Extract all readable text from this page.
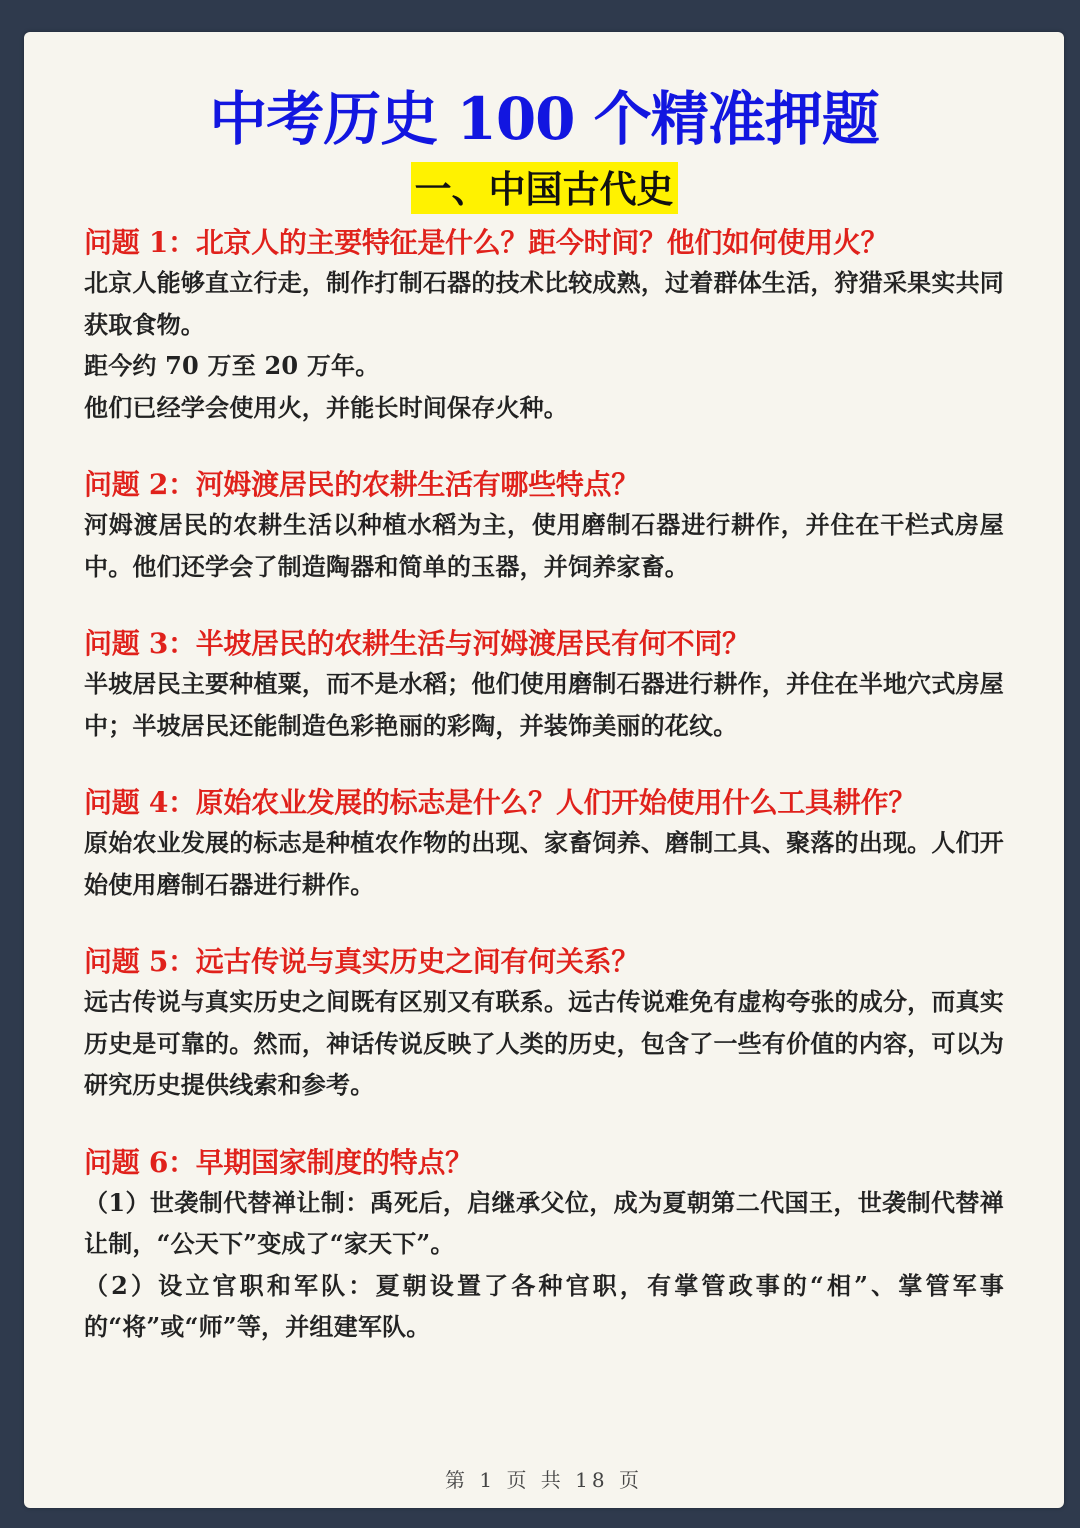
中考历史 100 个精准押题
一、中国古代史
问题 1：北京人的主要特征是什么？距今时间？他们如何使用火？

北京人能够直立行走，制作打制石器的技术比较成熟，过着群体生活，狩猎采果实共同获取食物。

距今约 70 万至 20 万年。

他们已经学会使用火，并能长时间保存火种。

问题 2：河姆渡居民的农耕生活有哪些特点？

河姆渡居民的农耕生活以种植水稻为主，使用磨制石器进行耕作，并住在干栏式房屋中。他们还学会了制造陶器和简单的玉器，并饲养家畜。

问题 3：半坡居民的农耕生活与河姆渡居民有何不同？

半坡居民主要种植粟，而不是水稻；他们使用磨制石器进行耕作，并住在半地穴式房屋中；半坡居民还能制造色彩艳丽的彩陶，并装饰美丽的花纹。

问题 4：原始农业发展的标志是什么？人们开始使用什么工具耕作？

原始农业发展的标志是种植农作物的出现、家畜饲养、磨制工具、聚落的出现。人们开始使用磨制石器进行耕作。

问题 5：远古传说与真实历史之间有何关系？

远古传说与真实历史之间既有区别又有联系。远古传说难免有虚构夸张的成分，而真实历史是可靠的。然而，神话传说反映了人类的历史，包含了一些有价值的内容，可以为研究历史提供线索和参考。

问题 6：早期国家制度的特点？

（1）世袭制代替禅让制：禹死后，启继承父位，成为夏朝第二代国王，世袭制代替禅让制，“公天下”变成了“家天下”。

（2）设立官职和军队：夏朝设置了各种官职，有掌管政事的“相”、掌管军事的“将”或“师”等，并组建军队。

第 1 页 共 18 页
